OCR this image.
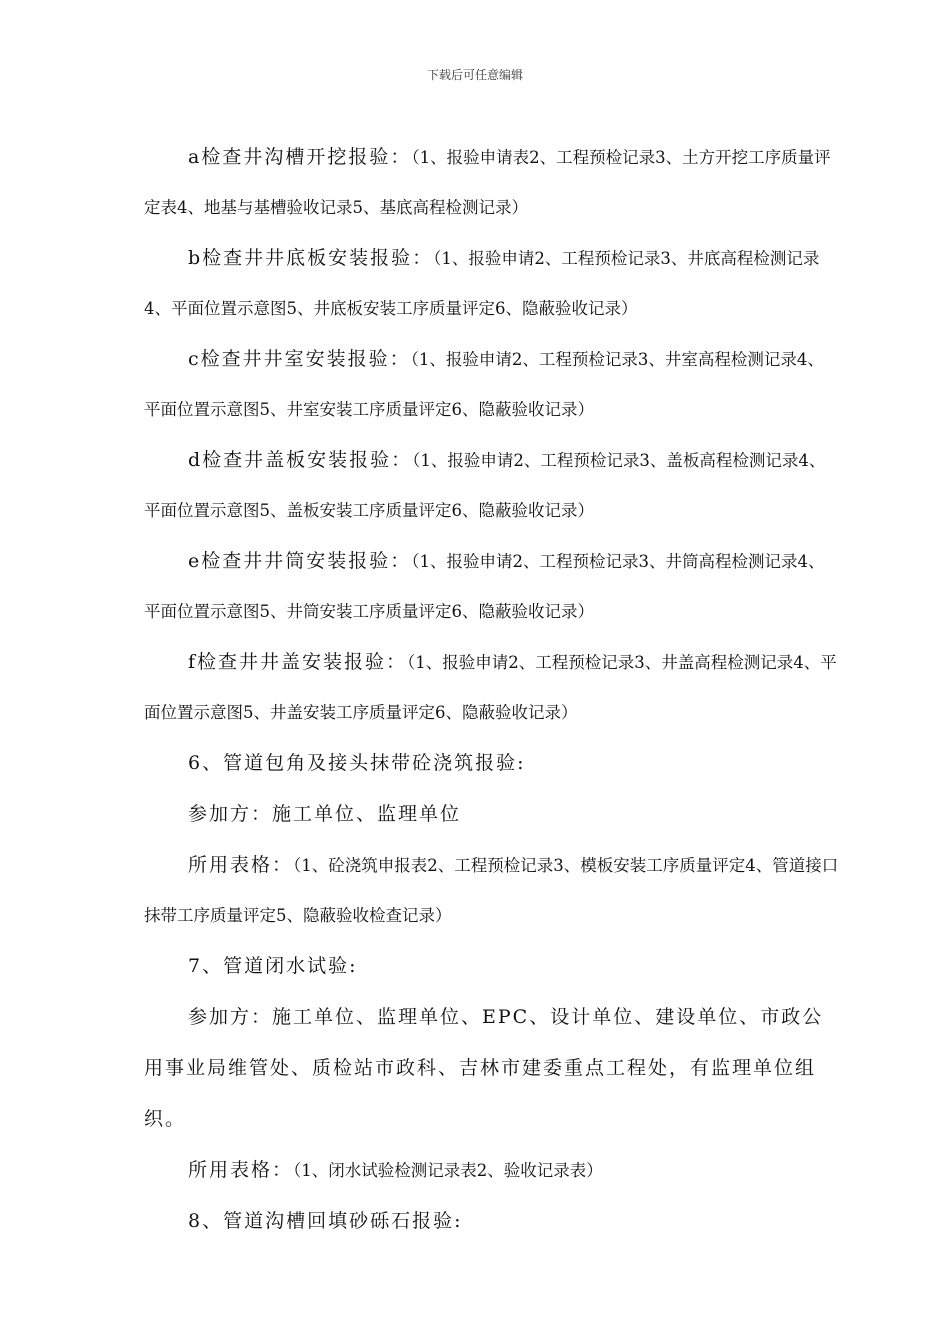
下载后可任意编辑

a检查井沟槽开挖报验：（1、报验申请表2、工程预检记录3、土方开挖工序质量评定表4、地基与基槽验收记录5、基底高程检测记录）

b检查井井底板安装报验：（1、报验申请2、工程预检记录3、井底高程检测记录4、平面位置示意图5、井底板安装工序质量评定6、隐蔽验收记录）

c检查井井室安装报验：（1、报验申请2、工程预检记录3、井室高程检测记录4、平面位置示意图5、井室安装工序质量评定6、隐蔽验收记录）

d检查井盖板安装报验：（1、报验申请2、工程预检记录3、盖板高程检测记录4、平面位置示意图5、盖板安装工序质量评定6、隐蔽验收记录）

e检查井井筒安装报验：（1、报验申请2、工程预检记录3、井筒高程检测记录4、平面位置示意图5、井筒安装工序质量评定6、隐蔽验收记录）

f检查井井盖安装报验：（1、报验申请2、工程预检记录3、井盖高程检测记录4、平面位置示意图5、井盖安装工序质量评定6、隐蔽验收记录）

6、管道包角及接头抹带砼浇筑报验:

参加方：施工单位、监理单位

所用表格：（1、砼浇筑申报表2、工程预检记录3、模板安装工序质量评定4、管道接口抹带工序质量评定5、隐蔽验收检查记录）

7、管道闭水试验:

参加方：施工单位、监理单位、EPC、设计单位、建设单位、市政公用事业局维管处、质检站市政科、吉林市建委重点工程处，有监理单位组织。

所用表格：（1、闭水试验检测记录表2、验收记录表）

8、管道沟槽回填砂砾石报验:
